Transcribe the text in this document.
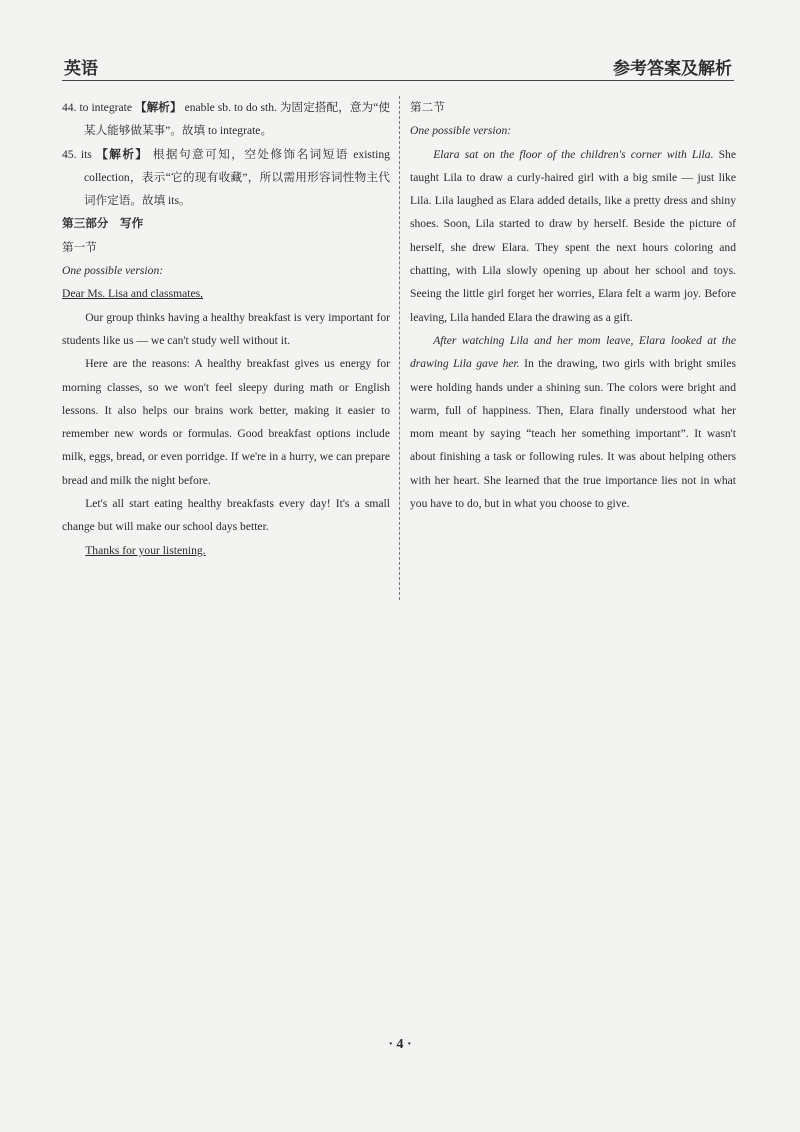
英语	参考答案及解析

44. to integrate 【解析】 enable sb. to do sth. 为固定搭配，意为“使某人能够做某事”。故填 to integrate。

45. its 【解析】 根据句意可知，空处修饰名词短语 existing collection，表示“它的现有收藏”，所以需用形容词性物主代词作定语。故填 its。

第三部分　写作

第一节

One possible version:

Dear Ms. Lisa and classmates,

Our group thinks having a healthy breakfast is very important for students like us — we can't study well without it.

Here are the reasons: A healthy breakfast gives us energy for morning classes, so we won't feel sleepy during math or English lessons. It also helps our brains work better, making it easier to remember new words or formulas. Good breakfast options include milk, eggs, bread, or even porridge. If we're in a hurry, we can prepare bread and milk the night before.

Let's all start eating healthy breakfasts every day! It's a small change but will make our school days better.

Thanks for your listening.

第二节

One possible version:

Elara sat on the floor of the children's corner with Lila. She taught Lila to draw a curly-haired girl with a big smile — just like Lila. Lila laughed as Elara added details, like a pretty dress and shiny shoes. Soon, Lila started to draw by herself. Beside the picture of herself, she drew Elara. They spent the next hours coloring and chatting, with Lila slowly opening up about her school and toys. Seeing the little girl forget her worries, Elara felt a warm joy. Before leaving, Lila handed Elara the drawing as a gift.

After watching Lila and her mom leave, Elara looked at the drawing Lila gave her. In the drawing, two girls with bright smiles were holding hands under a shining sun. The colors were bright and warm, full of happiness. Then, Elara finally understood what her mom meant by saying “teach her something important”. It wasn't about finishing a task or following rules. It was about helping others with her heart. She learned that the true importance lies not in what you have to do, but in what you choose to give.

· 4 ·
